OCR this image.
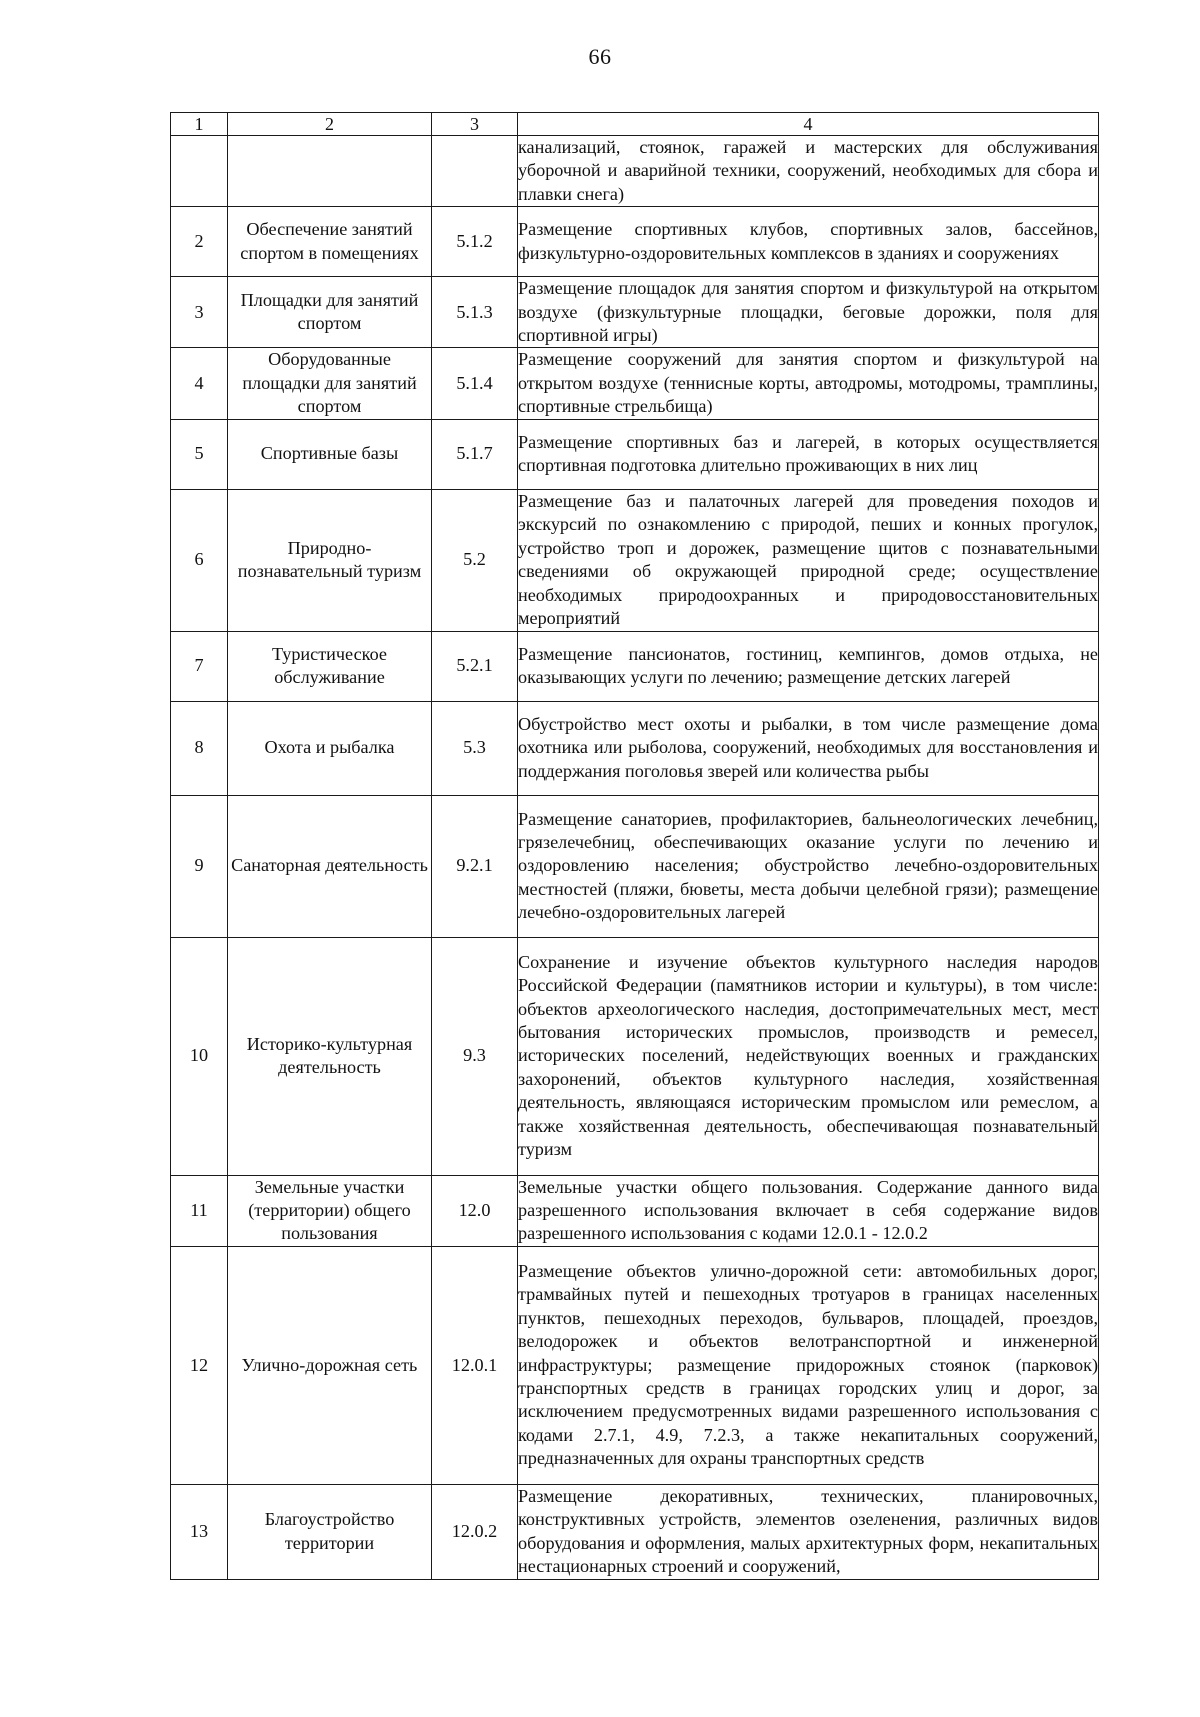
66
1	2	3	4
			канализаций, стоянок, гаражей и мастерских для обслуживания уборочной и аварийной техники, сооружений, необходимых для сбора и плавки снега)
2	Обеспечение занятий спортом в помещениях	5.1.2	Размещение спортивных клубов, спортивных залов, бассейнов, физкультурно-оздоровительных комплексов в зданиях и сооружениях
3	Площадки для занятий спортом	5.1.3	Размещение площадок для занятия спортом и физкультурой на открытом воздухе (физкультурные площадки, беговые дорожки, поля для спортивной игры)
4	Оборудованные площадки для занятий спортом	5.1.4	Размещение сооружений для занятия спортом и физкультурой на открытом воздухе (теннисные корты, автодромы, мотодромы, трамплины, спортивные стрельбища)
5	Спортивные базы	5.1.7	Размещение спортивных баз и лагерей, в которых осуществляется спортивная подготовка длительно проживающих в них лиц
6	Природно-познавательный туризм	5.2	Размещение баз и палаточных лагерей для проведения походов и экскурсий по ознакомлению с природой, пеших и конных прогулок, устройство троп и дорожек, размещение щитов с познавательными сведениями об окружающей природной среде; осуществление необходимых природоохранных и природовосстановительных мероприятий
7	Туристическое обслуживание	5.2.1	Размещение пансионатов, гостиниц, кемпингов, домов отдыха, не оказывающих услуги по лечению; размещение детских лагерей
8	Охота и рыбалка	5.3	Обустройство мест охоты и рыбалки, в том числе размещение дома охотника или рыболова, сооружений, необходимых для восстановления и поддержания поголовья зверей или количества рыбы
9	Санаторная деятельность	9.2.1	Размещение санаториев, профилакториев, бальнеологических лечебниц, грязелечебниц, обеспечивающих оказание услуги по лечению и оздоровлению населения; обустройство лечебно-оздоровительных местностей (пляжи, бюветы, места добычи целебной грязи); размещение лечебно-оздоровительных лагерей
10	Историко-культурная деятельность	9.3	Сохранение и изучение объектов культурного наследия народов Российской Федерации (памятников истории и культуры), в том числе: объектов археологического наследия, достопримечательных мест, мест бытования исторических промыслов, производств и ремесел, исторических поселений, недействующих военных и гражданских захоронений, объектов культурного наследия, хозяйственная деятельность, являющаяся историческим промыслом или ремеслом, а также хозяйственная деятельность, обеспечивающая познавательный туризм
11	Земельные участки (территории) общего пользования	12.0	Земельные участки общего пользования. Содержание данного вида разрешенного использования включает в себя содержание видов разрешенного использования с кодами 12.0.1 - 12.0.2
12	Улично-дорожная сеть	12.0.1	Размещение объектов улично-дорожной сети: автомобильных дорог, трамвайных путей и пешеходных тротуаров в границах населенных пунктов, пешеходных переходов, бульваров, площадей, проездов, велодорожек и объектов велотранспортной и инженерной инфраструктуры; размещение придорожных стоянок (парковок) транспортных средств в границах городских улиц и дорог, за исключением предусмотренных видами разрешенного использования с кодами 2.7.1, 4.9, 7.2.3, а также некапитальных сооружений, предназначенных для охраны транспортных средств
13	Благоустройство территории	12.0.2	Размещение декоративных, технических, планировочных, конструктивных устройств, элементов озеленения, различных видов оборудования и оформления, малых архитектурных форм, некапитальных нестационарных строений и сооружений,
